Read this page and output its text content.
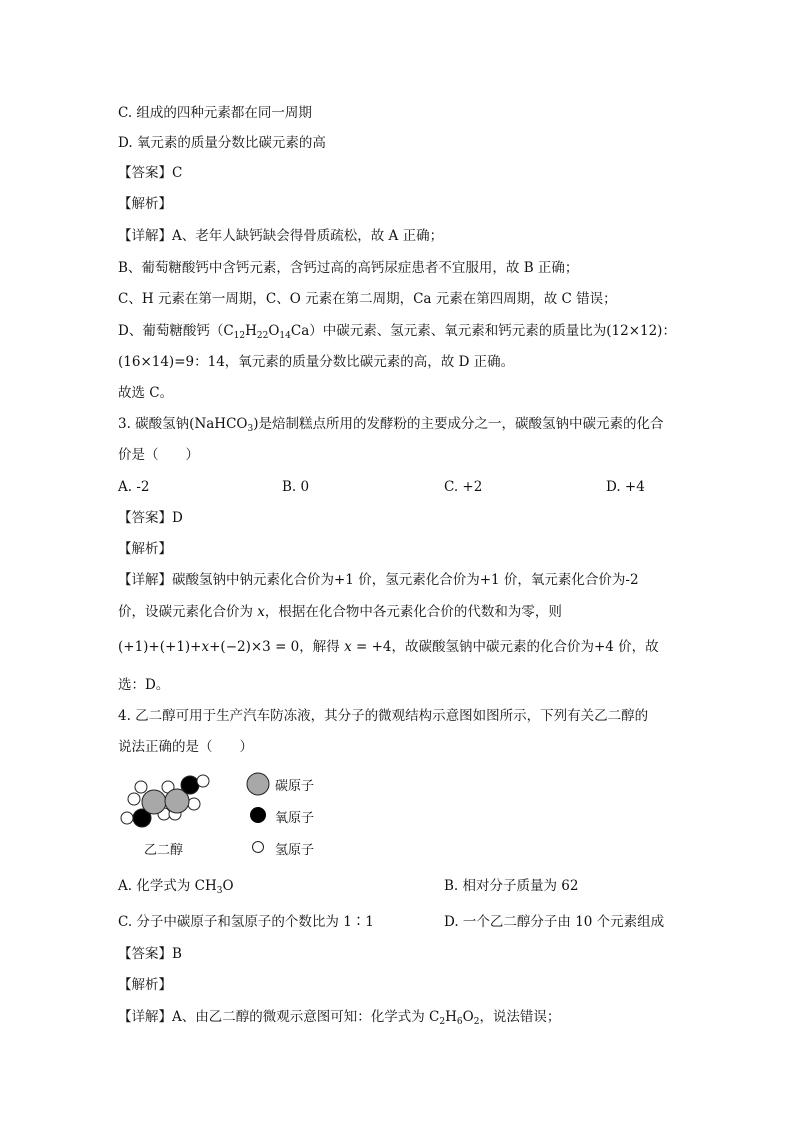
C. 组成的四种元素都在同一周期
D. 氧元素的质量分数比碳元素的高
【答案】C
【解析】
【详解】A、老年人缺钙缺会得骨质疏松，故 A 正确；
B、葡萄糖酸钙中含钙元素，含钙过高的高钙尿症患者不宜服用，故 B 正确；
C、H 元素在第一周期，C、O 元素在第二周期，Ca 元素在第四周期，故 C 错误；
D、葡萄糖酸钙$(C_{12}H_{22}O_{14}Ca)$中碳元素、氢元素、氧元素和钙元素的质量比为(12×12)：
(16×14)=9：14，氧元素的质量分数比碳元素的高，故 D 正确。
故选 C。
3. 碳酸氢钠(NaHCO$_3$)是焙制糕点所用的发酵粉的主要成分之一，碳酸氢钠中碳元素的化合
价是（　　）
A. -2	B. 0	C. +2	D. +4
【答案】D
【解析】
【详解】碳酸氢钠中钠元素化合价为+1 价，氢元素化合价为+1 价，氧元素化合价为-2
价，设碳元素化合价为 x，根据在化合物中各元素化合价的代数和为零，则
(+1)+(+1)+x+(−2)×3 = 0，解得 x = +4，故碳酸氢钠中碳元素的化合价为+4 价，故
选：D。
4. 乙二醇可用于生产汽车防冻液，其分子的微观结构示意图如图所示，下列有关乙二醇的
说法正确的是（　　）
碳原子
氧原子
氢原子
乙二醇
A. 化学式为 $CH_3O$	B. 相对分子质量为 62
C. 分子中碳原子和氢原子的个数比为 1∶1	D. 一个乙二醇分子由 10 个元素组成
【答案】B
【解析】
【详解】A、由乙二醇的微观示意图可知：化学式为 $C_2H_6O_2$，说法错误；
